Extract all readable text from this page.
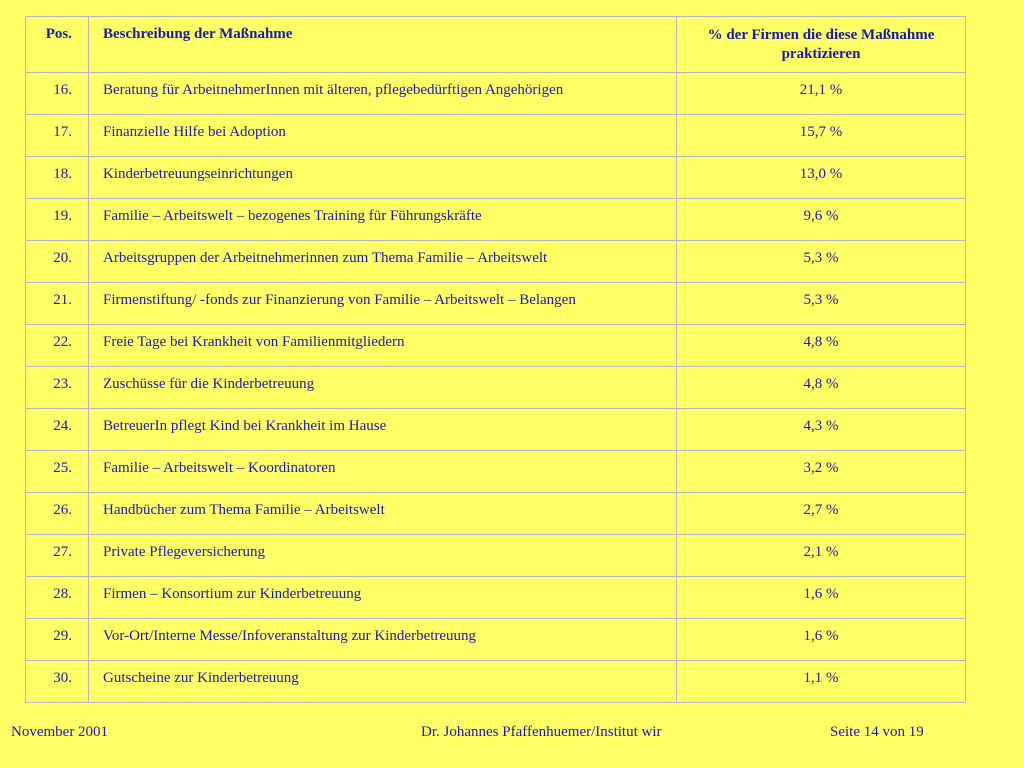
Pos.	Beschreibung der Maßnahme	% der Firmen die diese Maßnahme praktizieren
16.	Beratung für ArbeitnehmerInnen mit älteren, pflegebedürftigen Angehörigen	21,1 %
17.	Finanzielle Hilfe bei Adoption	15,7 %
18.	Kinderbetreuungseinrichtungen	13,0 %
19.	Familie – Arbeitswelt – bezogenes Training für Führungskräfte	9,6 %
20.	Arbeitsgruppen der Arbeitnehmerinnen zum Thema Familie – Arbeitswelt	5,3 %
21.	Firmenstiftung/ -fonds zur Finanzierung von Familie – Arbeitswelt – Belangen	5,3 %
22.	Freie Tage bei Krankheit von Familienmitgliedern	4,8 %
23.	Zuschüsse für die Kinderbetreuung	4,8 %
24.	BetreuerIn pflegt Kind bei Krankheit im Hause	4,3 %
25.	Familie – Arbeitswelt – Koordinatoren	3,2 %
26.	Handbücher zum Thema Familie – Arbeitswelt	2,7 %
27.	Private Pflegeversicherung	2,1 %
28.	Firmen – Konsortium zur Kinderbetreuung	1,6 %
29.	Vor-Ort/Interne Messe/Infoveranstaltung zur Kinderbetreuung	1,6 %
30.	Gutscheine zur Kinderbetreuung	1,1 %
November 2001	Dr. Johannes Pfaffenhuemer/Institut wir	Seite 14 von 19
